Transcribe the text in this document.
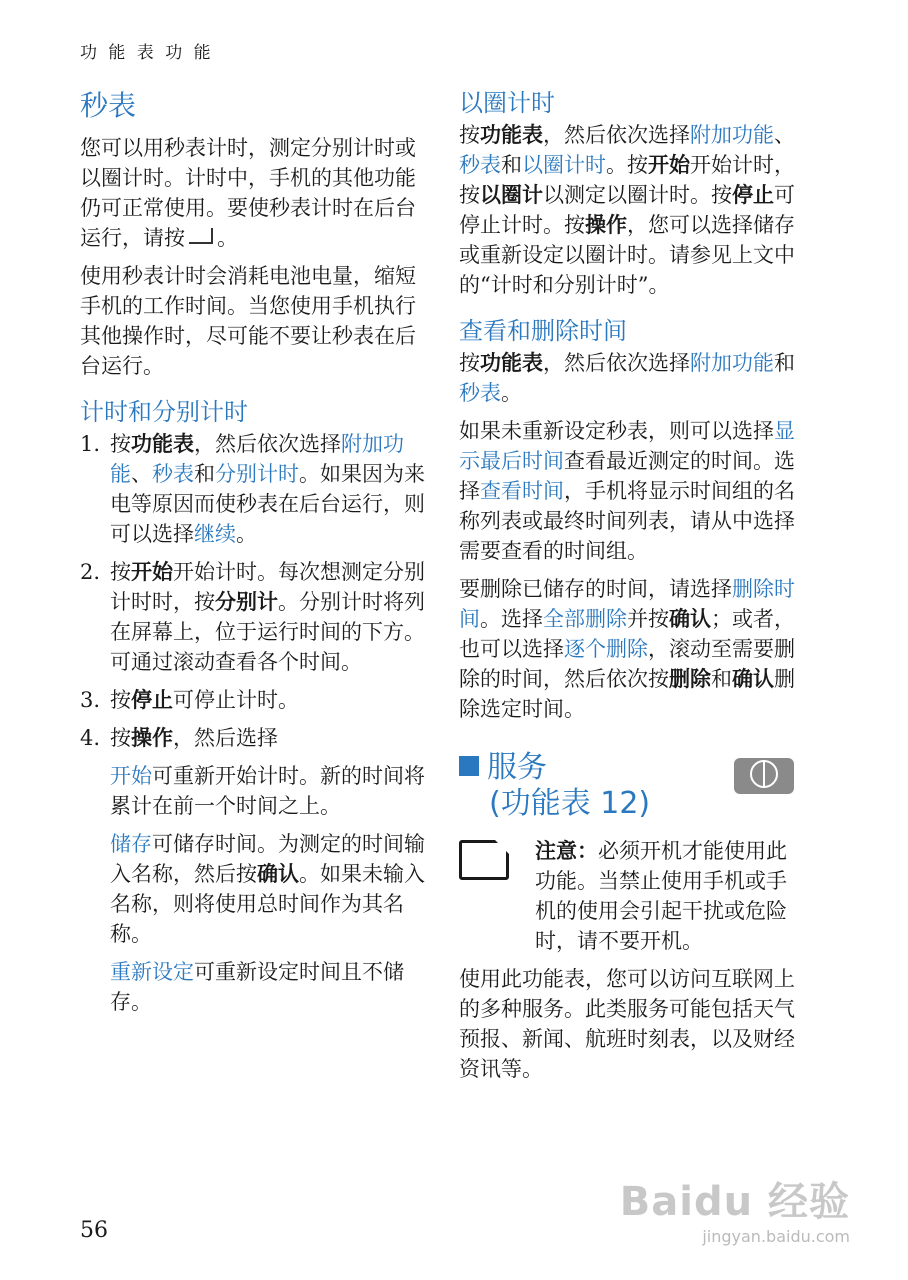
功 能 表 功 能
秒表

您可以用秒表计时，测定分别计时或以圈计时。计时中，手机的其他功能仍可正常使用。要使秒表计时在后台运行，请按 。

使用秒表计时会消耗电池电量，缩短手机的工作时间。当您使用手机执行其他操作时，尽可能不要让秒表在后台运行。

计时和分别计时
1. 按功能表，然后依次选择附加功能、秒表和分别计时。如果因为来电等原因而使秒表在后台运行，则可以选择继续。
2. 按开始开始计时。每次想测定分别计时时，按分别计。分别计时将列在屏幕上，位于运行时间的下方。可通过滚动查看各个时间。
3. 按停止可停止计时。
4. 按操作，然后选择

开始可重新开始计时。新的时间将累计在前一个时间之上。

储存可储存时间。为测定的时间输入名称，然后按确认。如果未输入名称，则将使用总时间作为其名称。

重新设定可重新设定时间且不储存。

以圈计时

按功能表，然后依次选择附加功能、秒表和以圈计时。按开始开始计时，按以圈计以测定以圈计时。按停止可停止计时。按操作，您可以选择储存或重新设定以圈计时。请参见上文中的“计时和分别计时”。

查看和删除时间

按功能表，然后依次选择附加功能和秒表。

如果未重新设定秒表，则可以选择显示最后时间查看最近测定的时间。选择查看时间，手机将显示时间组的名称列表或最终时间列表，请从中选择需要查看的时间组。

要删除已储存的时间，请选择删除时间。选择全部删除并按确认；或者，也可以选择逐个删除，滚动至需要删除的时间，然后依次按删除和确认删除选定时间。

服务
(功能表 12)

注意：必须开机才能使用此功能。当禁止使用手机或手机的使用会引起干扰或危险时，请不要开机。

使用此功能表，您可以访问互联网上的多种服务。此类服务可能包括天气预报、新闻、航班时刻表，以及财经资讯等。

56
Baidu 经验
jingyan.baidu.com
